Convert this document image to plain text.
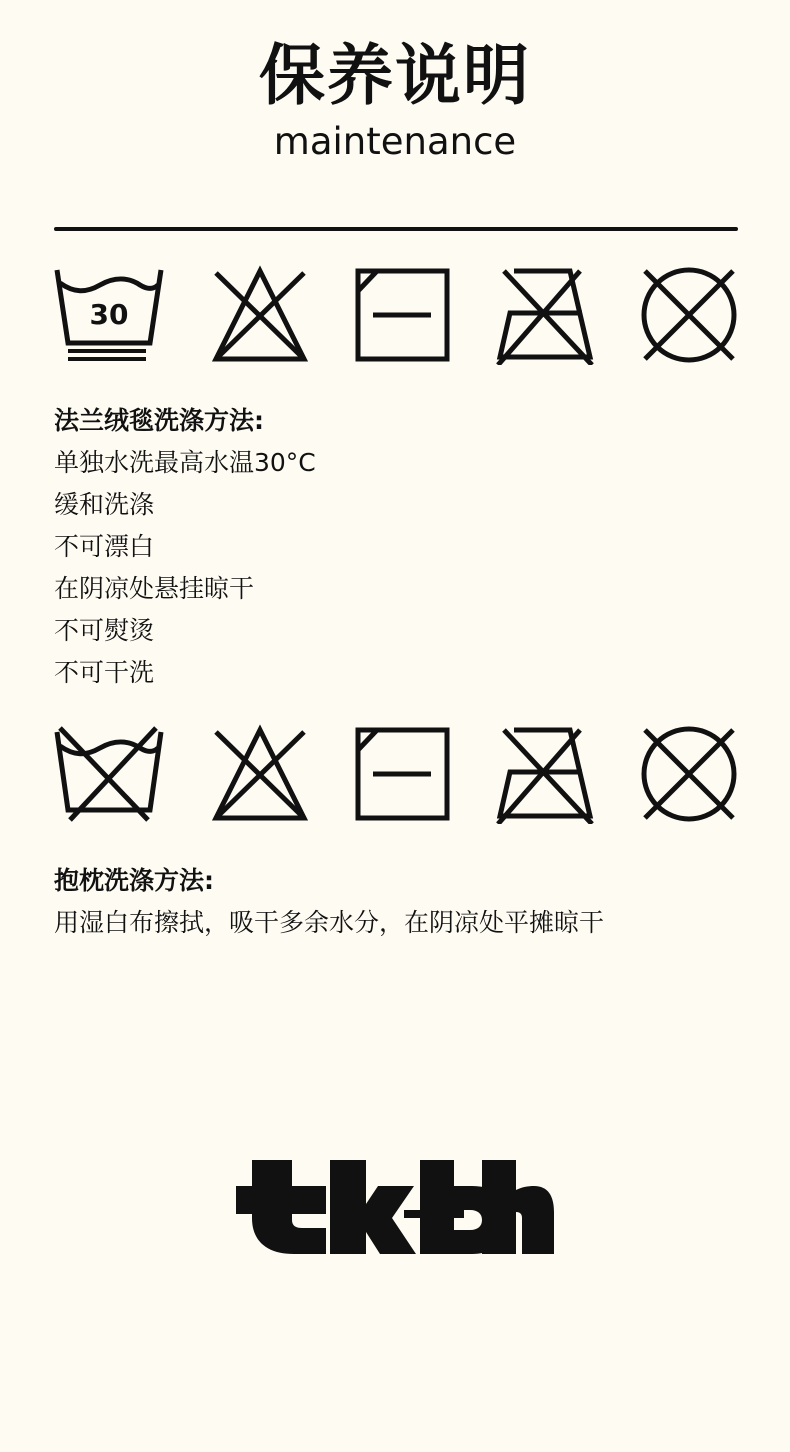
保养说明
maintenance
30
法兰绒毯洗涤方法:
单独水洗最高水温30°C
缓和洗涤
不可漂白
在阴凉处悬挂晾干
不可熨烫
不可干洗
抱枕洗涤方法:
用湿白布擦拭，吸干多余水分，在阴凉处平摊晾干
